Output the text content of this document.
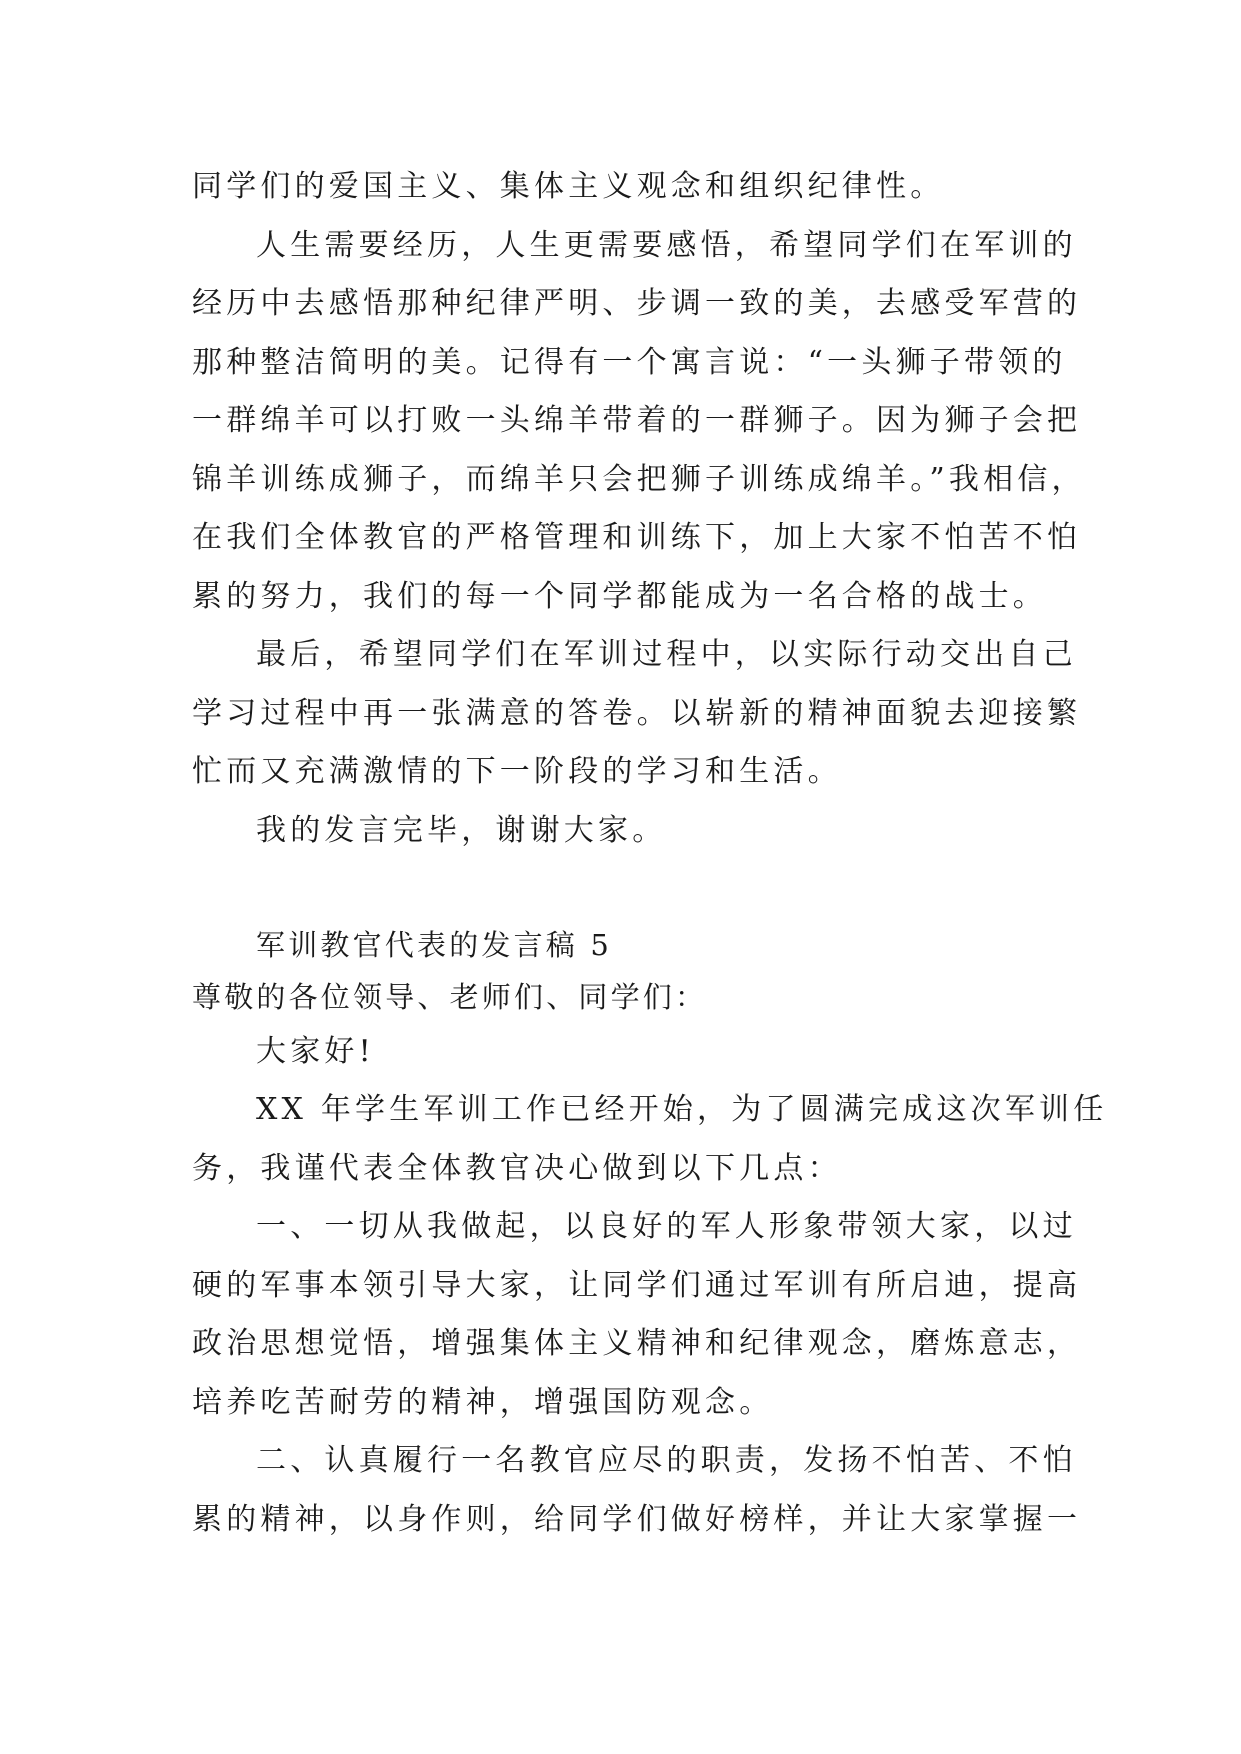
同学们的爱国主义、集体主义观念和组织纪律性。
人生需要经历，人生更需要感悟，希望同学们在军训的
经历中去感悟那种纪律严明、步调一致的美，去感受军营的
那种整洁简明的美。记得有一个寓言说：“一头狮子带领的
一群绵羊可以打败一头绵羊带着的一群狮子。因为狮子会把
锦羊训练成狮子，而绵羊只会把狮子训练成绵羊。”我相信，
在我们全体教官的严格管理和训练下，加上大家不怕苦不怕
累的努力，我们的每一个同学都能成为一名合格的战士。
最后，希望同学们在军训过程中，以实际行动交出自己
学习过程中再一张满意的答卷。以崭新的精神面貌去迎接繁
忙而又充满激情的下一阶段的学习和生活。
我的发言完毕，谢谢大家。
军训教官代表的发言稿 5
尊敬的各位领导、老师们、同学们：
大家好!
XX 年学生军训工作已经开始，为了圆满完成这次军训任
务，我谨代表全体教官决心做到以下几点：
一、一切从我做起，以良好的军人形象带领大家，以过
硬的军事本领引导大家，让同学们通过军训有所启迪，提高
政治思想觉悟，增强集体主义精神和纪律观念，磨炼意志，
培养吃苦耐劳的精神，增强国防观念。
二、认真履行一名教官应尽的职责，发扬不怕苦、不怕
累的精神，以身作则，给同学们做好榜样，并让大家掌握一
